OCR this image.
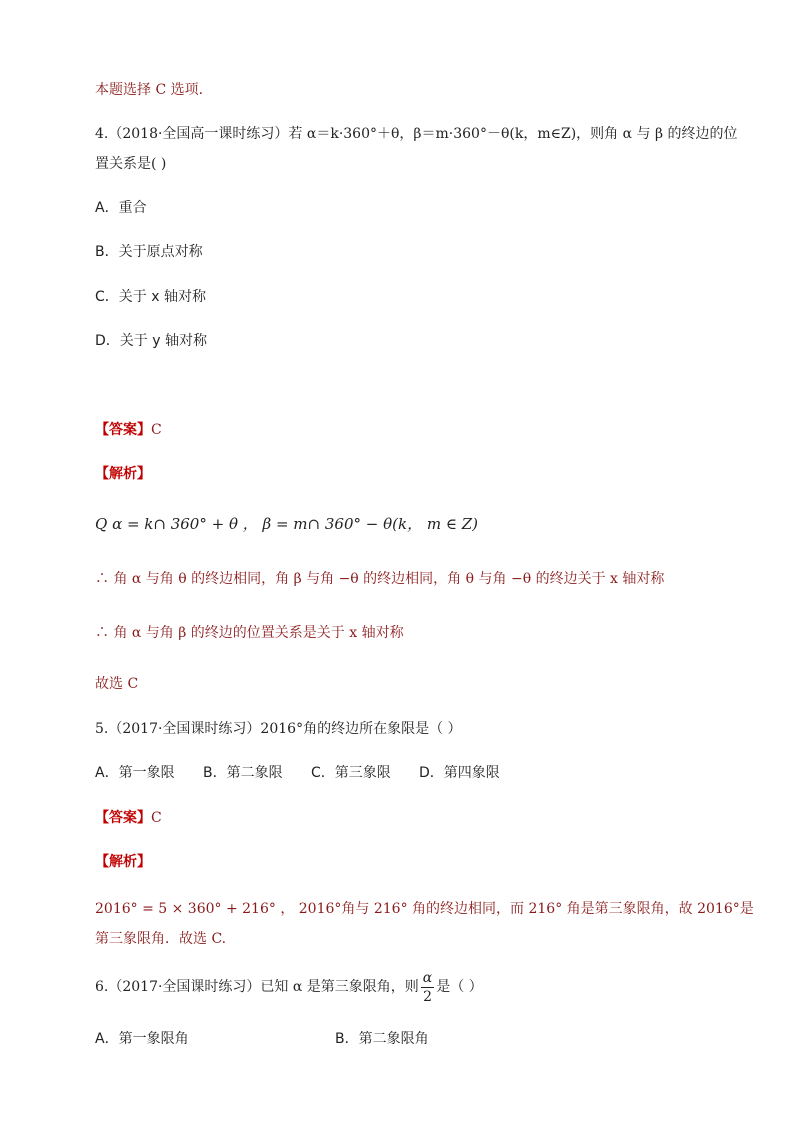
本题选择 C 选项.
4.（2018·全国高一课时练习）若 α＝k·360°＋θ，β＝m·360°－θ(k，m∈Z)，则角 α 与 β 的终边的位
置关系是( )
A．重合
B．关于原点对称
C．关于 x 轴对称
D．关于 y 轴对称
【答案】C
【解析】
Q α = k∩ 360° + θ ， β = m∩ 360° − θ(k， m ∈ Z)
∴ 角 α 与角 θ 的终边相同，角 β 与角 −θ 的终边相同，角 θ 与角 −θ 的终边关于 x 轴对称
∴ 角 α 与角 β 的终边的位置关系是关于 x 轴对称
故选 C
5.（2017·全国课时练习）2016°角的终边所在象限是（ ）
A．第一象限 B．第二象限 C．第三象限 D．第四象限
【答案】C
【解析】
2016° = 5 × 360° + 216° ， 2016°角与 216° 角的终边相同，而 216° 角是第三象限角，故 2016°是
第三象限角．故选 C.
6.（2017·全国课时练习）已知 α 是第三象限角，则 $\frac{\alpha}{2}$ 是（ ）
A．第一象限角	B．第二象限角
